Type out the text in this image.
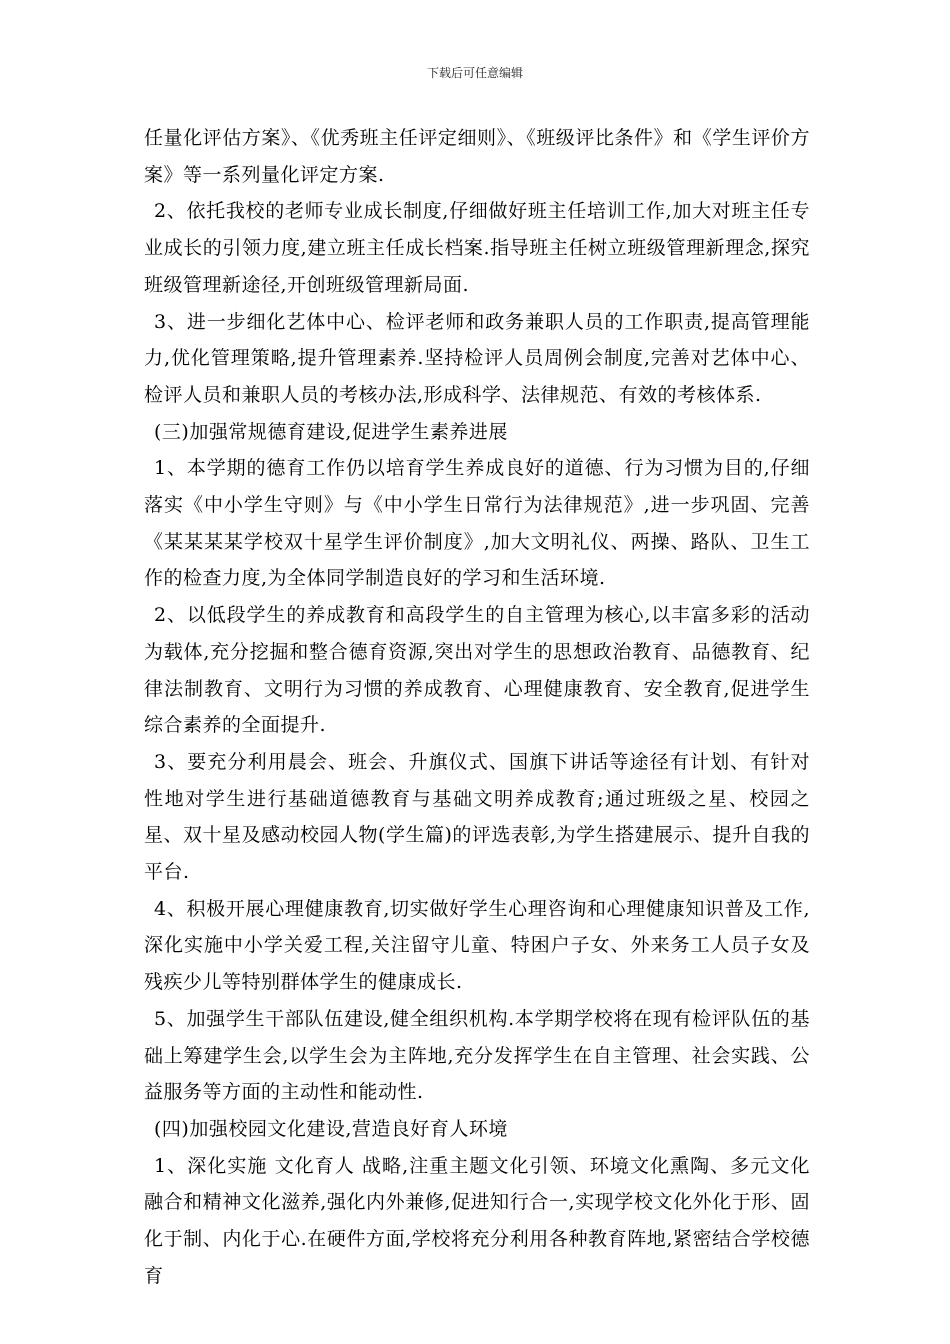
下载后可任意编辑

任量化评估方案》、《优秀班主任评定细则》、《班级评比条件》和《学生评价方案》等一系列量化评定方案.

2、依托我校的老师专业成长制度,仔细做好班主任培训工作,加大对班主任专业成长的引领力度,建立班主任成长档案.指导班主任树立班级管理新理念,探究班级管理新途径,开创班级管理新局面.

3、进一步细化艺体中心、检评老师和政务兼职人员的工作职责,提高管理能力,优化管理策略,提升管理素养.坚持检评人员周例会制度,完善对艺体中心、检评人员和兼职人员的考核办法,形成科学、法律规范、有效的考核体系.

(三)加强常规德育建设,促进学生素养进展

1、本学期的德育工作仍以培育学生养成良好的道德、行为习惯为目的,仔细落实《中小学生守则》与《中小学生日常行为法律规范》,进一步巩固、完善《某某某某学校双十星学生评价制度》,加大文明礼仪、两操、路队、卫生工作的检查力度,为全体同学制造良好的学习和生活环境.

2、以低段学生的养成教育和高段学生的自主管理为核心,以丰富多彩的活动为载体,充分挖掘和整合德育资源,突出对学生的思想政治教育、品德教育、纪律法制教育、文明行为习惯的养成教育、心理健康教育、安全教育,促进学生综合素养的全面提升.

3、要充分利用晨会、班会、升旗仪式、国旗下讲话等途径有计划、有针对性地对学生进行基础道德教育与基础文明养成教育;通过班级之星、校园之星、双十星及感动校园人物(学生篇)的评选表彰,为学生搭建展示、提升自我的平台.

4、积极开展心理健康教育,切实做好学生心理咨询和心理健康知识普及工作,深化实施中小学关爱工程,关注留守儿童、特困户子女、外来务工人员子女及残疾少儿等特别群体学生的健康成长.

5、加强学生干部队伍建设,健全组织机构.本学期学校将在现有检评队伍的基础上筹建学生会,以学生会为主阵地,充分发挥学生在自主管理、社会实践、公益服务等方面的主动性和能动性.

(四)加强校园文化建设,营造良好育人环境

1、深化实施 文化育人 战略,注重主题文化引领、环境文化熏陶、多元文化融合和精神文化滋养,强化内外兼修,促进知行合一,实现学校文化外化于形、固化于制、内化于心.在硬件方面,学校将充分利用各种教育阵地,紧密结合学校德育
